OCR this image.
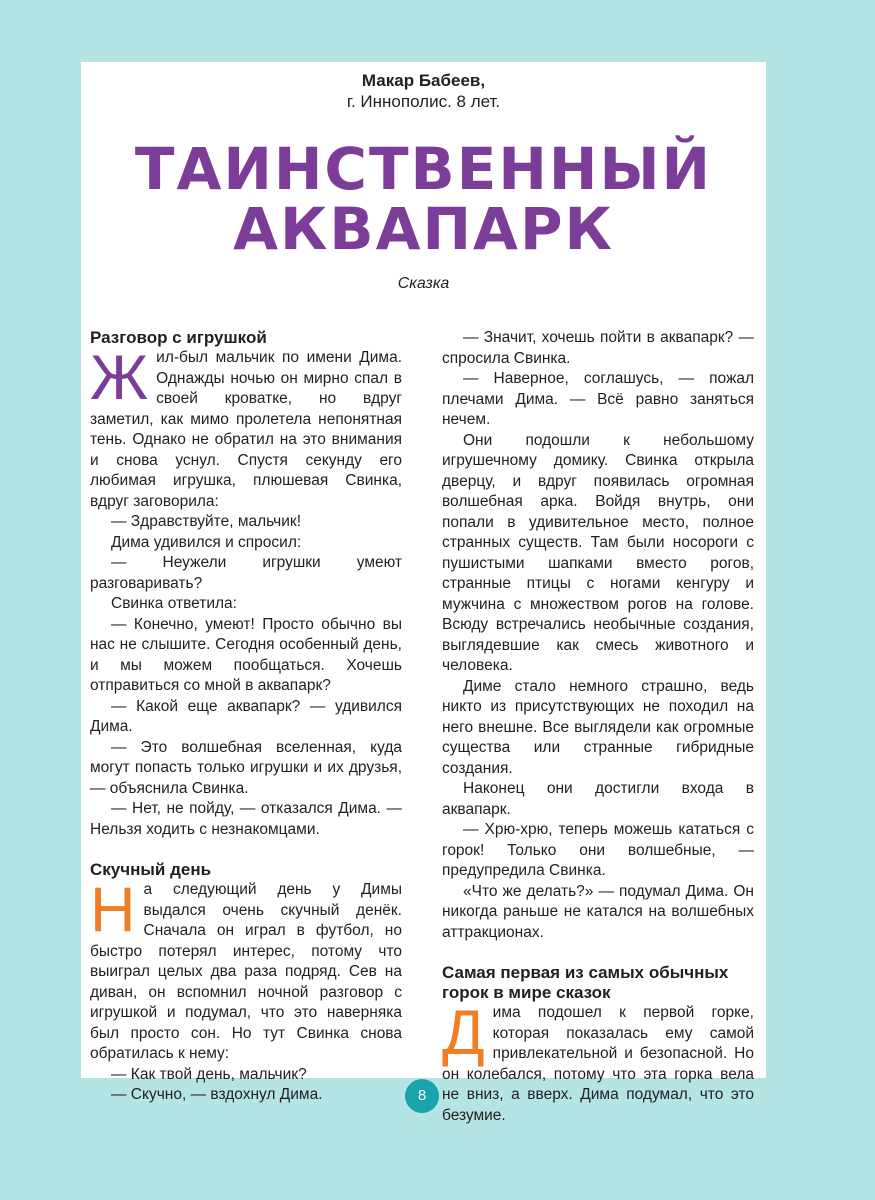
Макар Бабеев,
г. Иннополис. 8 лет.
ТАИНСТВЕННЫЙ
АКВАПАРК
Сказка
Разговор с игрушкой

Жил-был мальчик по имени Дима. Однажды ночью он мирно спал в своей кроватке, но вдруг заметил, как мимо пролетела непонятная тень. Однако не обратил на это внимания и снова уснул. Спустя секунду его любимая игрушка, плюшевая Свинка, вдруг заговорила:

— Здравствуйте, мальчик!

Дима удивился и спросил:

— Неужели игрушки умеют разговаривать?

Свинка ответила:

— Конечно, умеют! Просто обычно вы нас не слышите. Сегодня особенный день, и мы можем пообщаться. Хочешь отправиться со мной в аквапарк?

— Какой еще аквапарк? — удивился Дима.

— Это волшебная вселенная, куда могут попасть только игрушки и их друзья, — объяснила Свинка.

— Нет, не пойду, — отказался Дима. — Нельзя ходить с незнакомцами.

Скучный день

На следующий день у Димы выдался очень скучный денёк. Сначала он играл в футбол, но быстро потерял интерес, потому что выиграл целых два раза подряд. Сев на диван, он вспомнил ночной разговор с игрушкой и подумал, что это наверняка был просто сон. Но тут Свинка снова обратилась к нему:

— Как твой день, мальчик?

— Скучно, — вздохнул Дима.

— Значит, хочешь пойти в аквапарк? — спросила Свинка.

— Наверное, соглашусь, — пожал плечами Дима. — Всё равно заняться нечем.

Они подошли к небольшому игрушечному домику. Свинка открыла дверцу, и вдруг появилась огромная волшебная арка. Войдя внутрь, они попали в удивительное место, полное странных существ. Там были носороги с пушистыми шапками вместо рогов, странные птицы с ногами кенгуру и мужчина с множеством рогов на голове. Всюду встречались необычные создания, выглядевшие как смесь животного и человека.

Диме стало немного страшно, ведь никто из присутствующих не походил на него внешне. Все выглядели как огромные существа или странные гибридные создания.

Наконец они достигли входа в аквапарк.

— Хрю-хрю, теперь можешь кататься с горок! Только они волшебные, — предупредила Свинка.

«Что же делать?» — подумал Дима. Он никогда раньше не катался на волшебных аттракционах.

Самая первая из самых обычных горок в мире сказок

Дима подошел к первой горке, которая показалась ему самой привлекательной и безопасной. Но он колебался, потому что эта горка вела не вниз, а вверх. Дима подумал, что это безумие.

8
